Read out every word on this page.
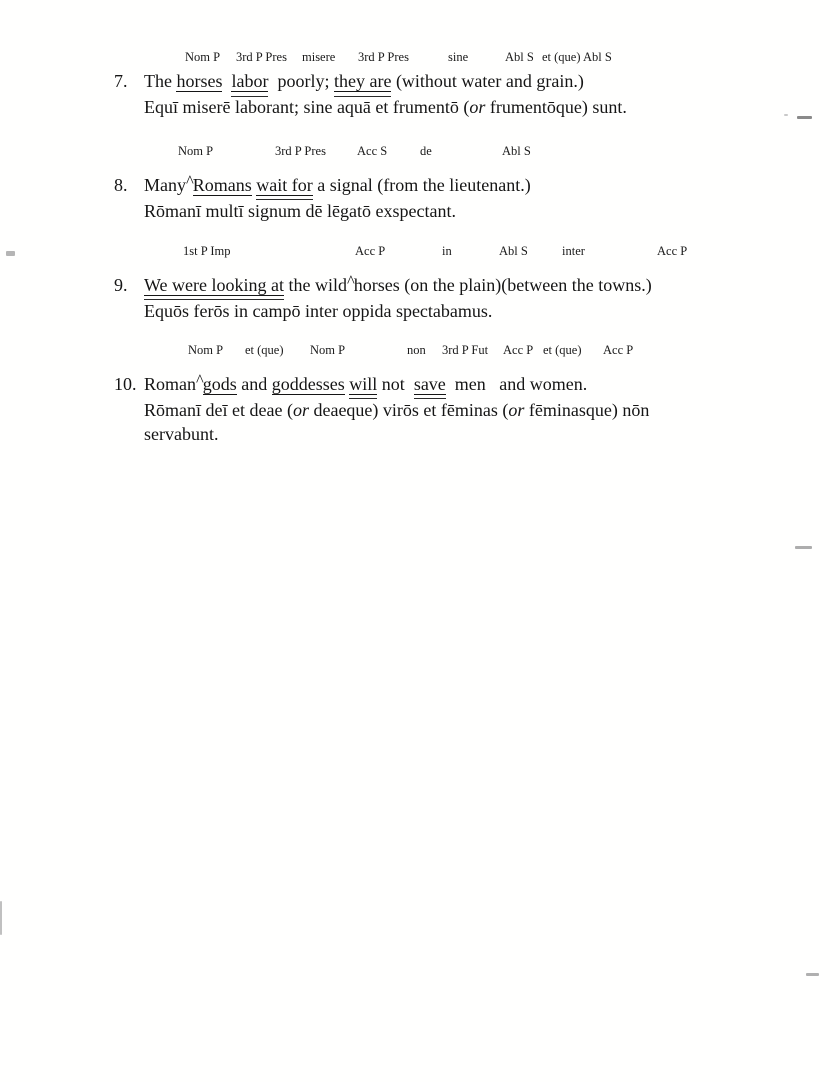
Nom P 3rd P Pres misere 3rd P Pres	sine	Abl S et (que) Abl S
7. The horses labor  poorly; they are (without water and grain.)
Equī miserē laborant; sine aquā et frumentō (or frumentōque) sunt.
Nom P	3rd P Pres Acc S	de	Abl S
8. Many^Romans wait for a signal (from the lieutenant.)
Rōmanī multī signum dē lēgatō exspectant.
1st P Imp	Acc P	in	Abl S	inter	Acc P
9. We were looking at the wild^horses (on the plain)(between the towns.)
Equōs ferōs in campō inter oppida spectabamus.
Nom P et (que) Nom P	non 3rd P Fut Acc P et (que) Acc P
10. Roman^gods and goddesses will not  save  men   and women.
Rōmanī deī et deae (or deaeque) virōs et fēminas (or fēminasque) nōn servabunt.
